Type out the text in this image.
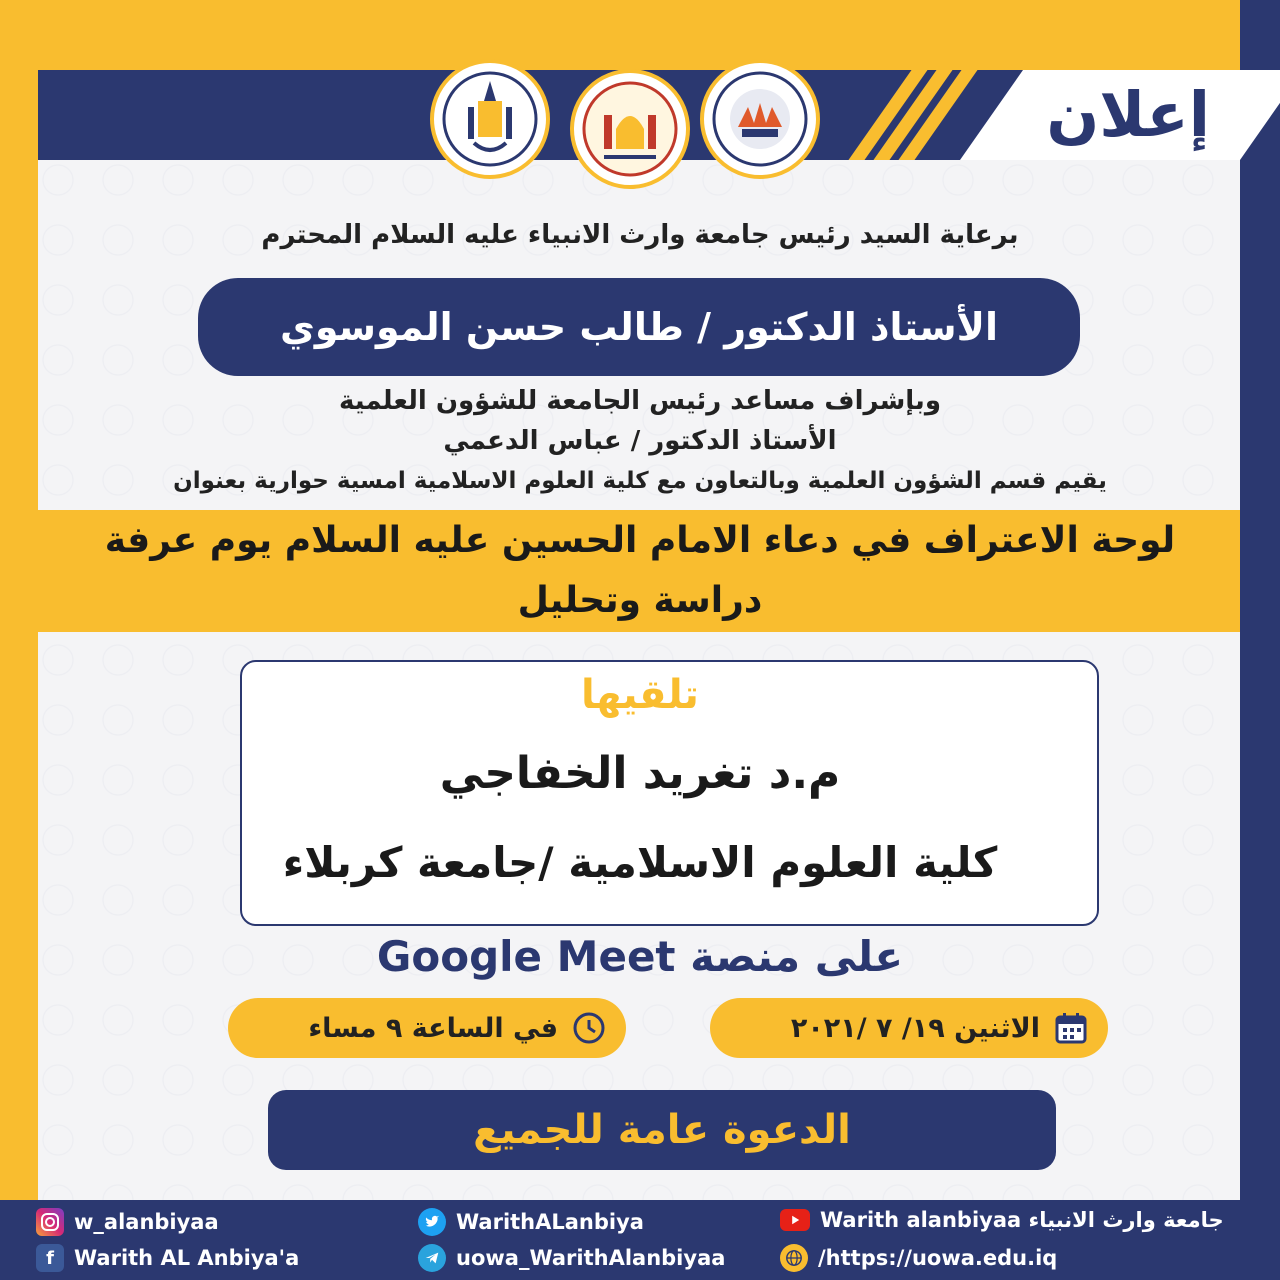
إعلان
برعاية السيد رئيس جامعة وارث الانبياء عليه السلام المحترم
الأستاذ الدكتور / طالب حسن الموسوي
وبإشراف مساعد رئيس الجامعة للشؤون العلمية
الأستاذ الدكتور / عباس الدعمي
يقيم قسم الشؤون العلمية وبالتعاون مع كلية العلوم الاسلامية امسية حوارية بعنوان
لوحة الاعتراف في دعاء الامام الحسين عليه السلام يوم عرفة
دراسة وتحليل
تلقيها
م.د تغريد الخفاجي
كلية العلوم الاسلامية /جامعة كربلاء
على منصة Google Meet
الاثنين ١٩/ ٧ /٢٠٢١
في الساعة ٩ مساء
الدعوة عامة للجميع
w_alanbiyaa
f Warith AL Anbiya'a
WarithALanbiya
uowa_WarithAlanbiyaa
Warith alanbiyaa جامعة وارث الانبياء
/https://uowa.edu.iq
